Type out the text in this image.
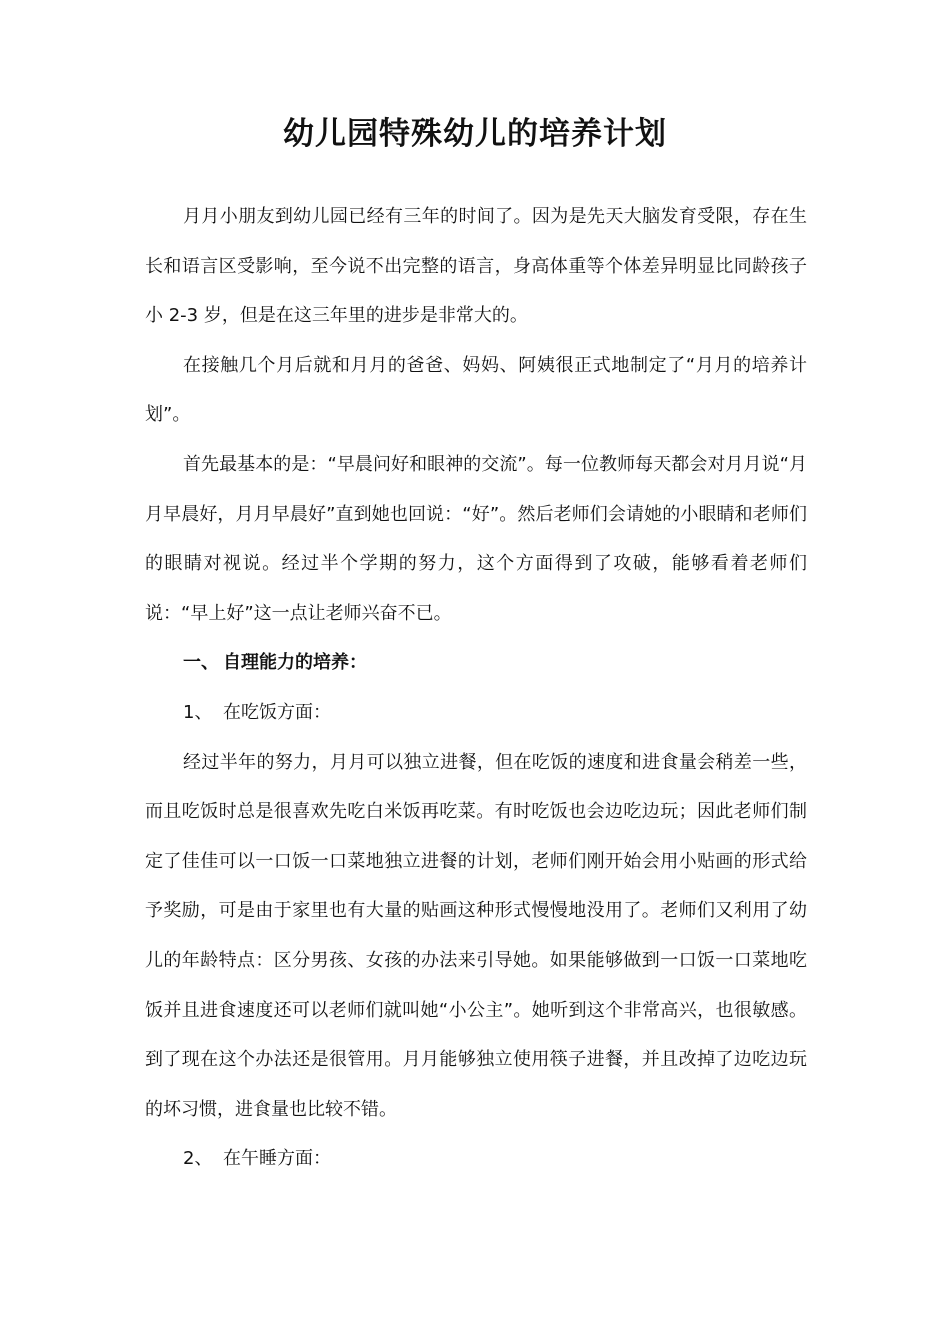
幼儿园特殊幼儿的培养计划

月月小朋友到幼儿园已经有三年的时间了。因为是先天大脑发育受限，存在生长和语言区受影响，至今说不出完整的语言，身高体重等个体差异明显比同龄孩子小 2-3 岁，但是在这三年里的进步是非常大的。

在接触几个月后就和月月的爸爸、妈妈、阿姨很正式地制定了“月月的培养计划”。

首先最基本的是：“早晨问好和眼神的交流”。每一位教师每天都会对月月说“月月早晨好，月月早晨好”直到她也回说：“好”。然后老师们会请她的小眼睛和老师们的眼睛对视说。经过半个学期的努力，这个方面得到了攻破，能够看着老师们说：“早上好”这一点让老师兴奋不已。

一、 自理能力的培养：

1、 在吃饭方面：

经过半年的努力，月月可以独立进餐，但在吃饭的速度和进食量会稍差一些，而且吃饭时总是很喜欢先吃白米饭再吃菜。有时吃饭也会边吃边玩；因此老师们制定了佳佳可以一口饭一口菜地独立进餐的计划，老师们刚开始会用小贴画的形式给予奖励，可是由于家里也有大量的贴画这种形式慢慢地没用了。老师们又利用了幼儿的年龄特点：区分男孩、女孩的办法来引导她。如果能够做到一口饭一口菜地吃饭并且进食速度还可以老师们就叫她“小公主”。她听到这个非常高兴，也很敏感。到了现在这个办法还是很管用。月月能够独立使用筷子进餐，并且改掉了边吃边玩的坏习惯，进食量也比较不错。

2、 在午睡方面：
